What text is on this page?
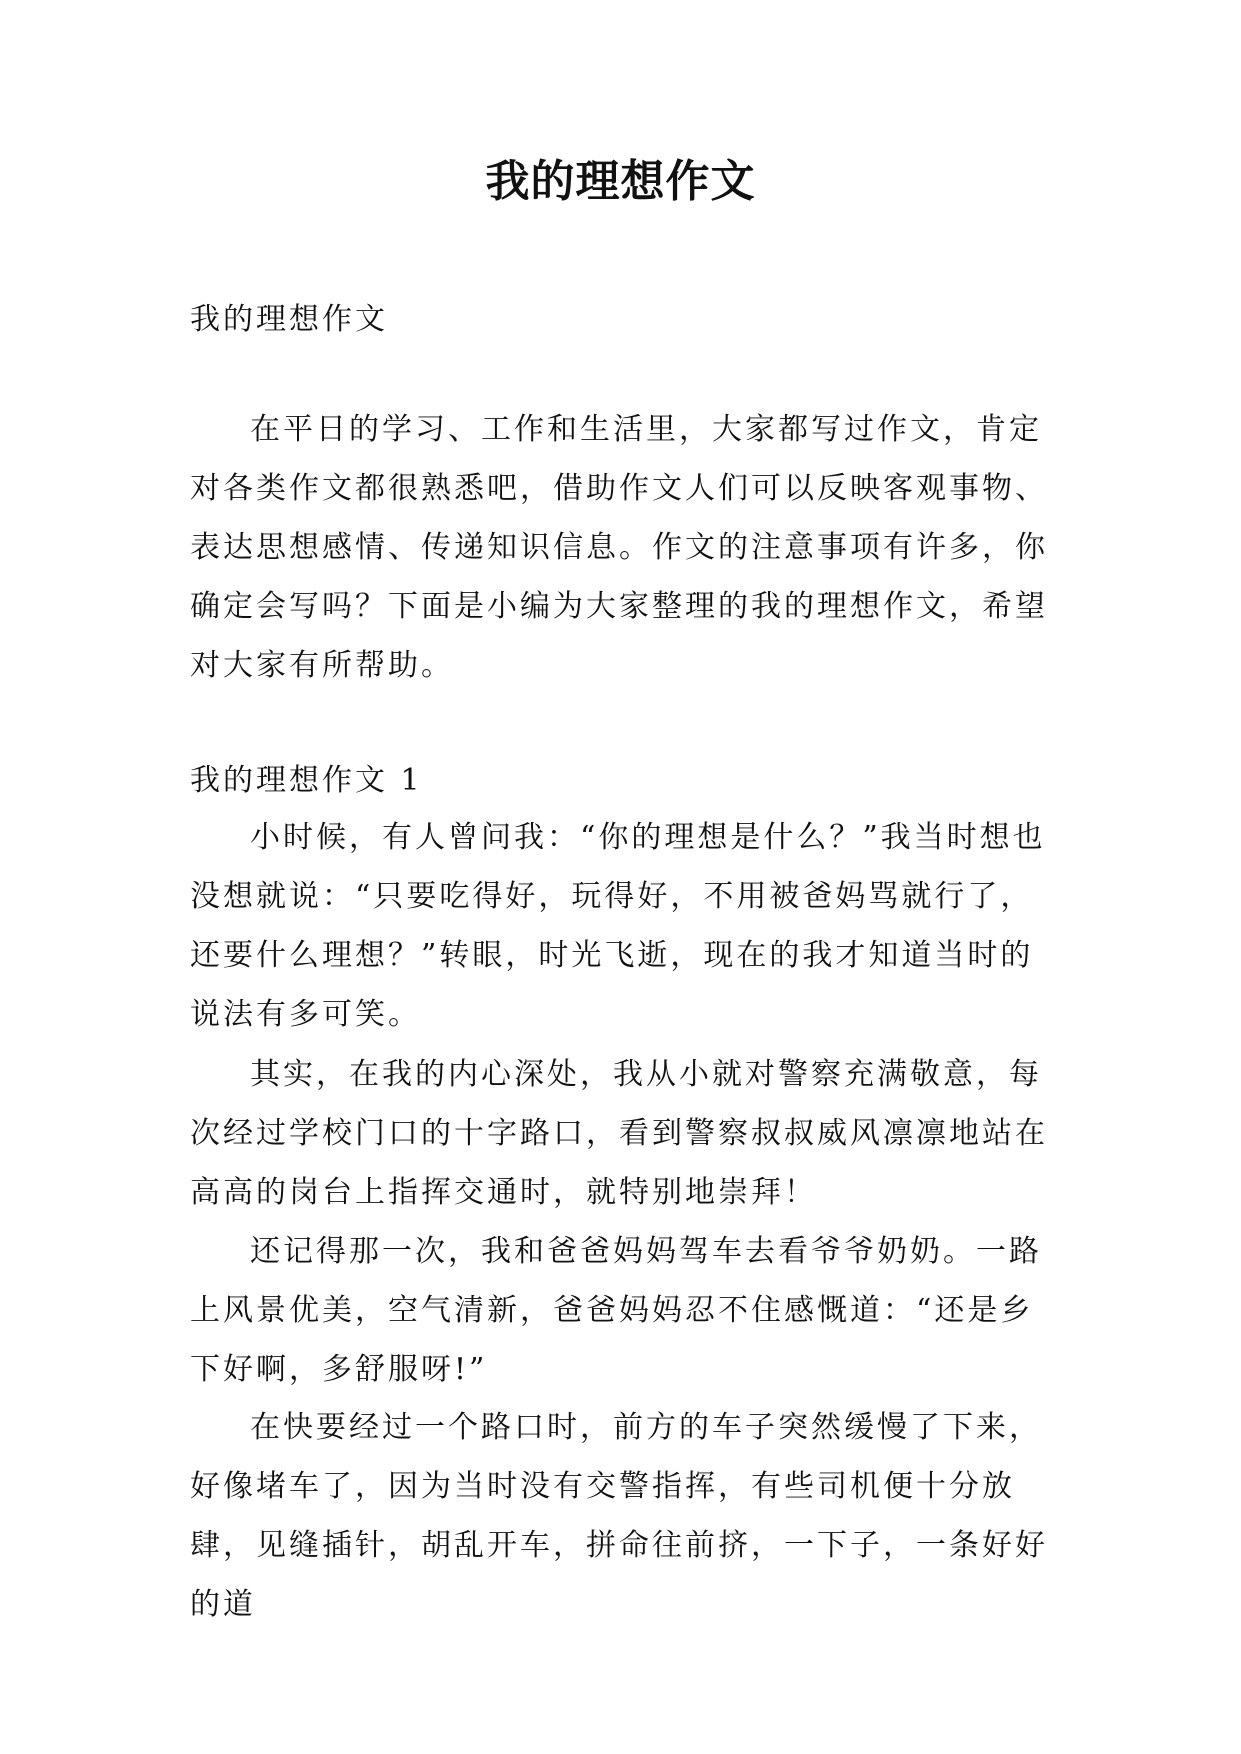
我的理想作文

我的理想作文

在平日的学习、工作和生活里，大家都写过作文，肯定对各类作文都很熟悉吧，借助作文人们可以反映客观事物、表达思想感情、传递知识信息。作文的注意事项有许多，你确定会写吗？下面是小编为大家整理的我的理想作文，希望对大家有所帮助。

我的理想作文 1

小时候，有人曾问我：“你的理想是什么？”我当时想也没想就说：“只要吃得好，玩得好，不用被爸妈骂就行了，还要什么理想？”转眼，时光飞逝，现在的我才知道当时的说法有多可笑。

其实，在我的内心深处，我从小就对警察充满敬意，每次经过学校门口的十字路口，看到警察叔叔威风凛凛地站在高高的岗台上指挥交通时，就特别地崇拜！

还记得那一次，我和爸爸妈妈驾车去看爷爷奶奶。一路上风景优美，空气清新，爸爸妈妈忍不住感慨道：“还是乡下好啊，多舒服呀!”

在快要经过一个路口时，前方的车子突然缓慢了下来，好像堵车了，因为当时没有交警指挥，有些司机便十分放肆，见缝插针，胡乱开车，拼命往前挤，一下子，一条好好的道
